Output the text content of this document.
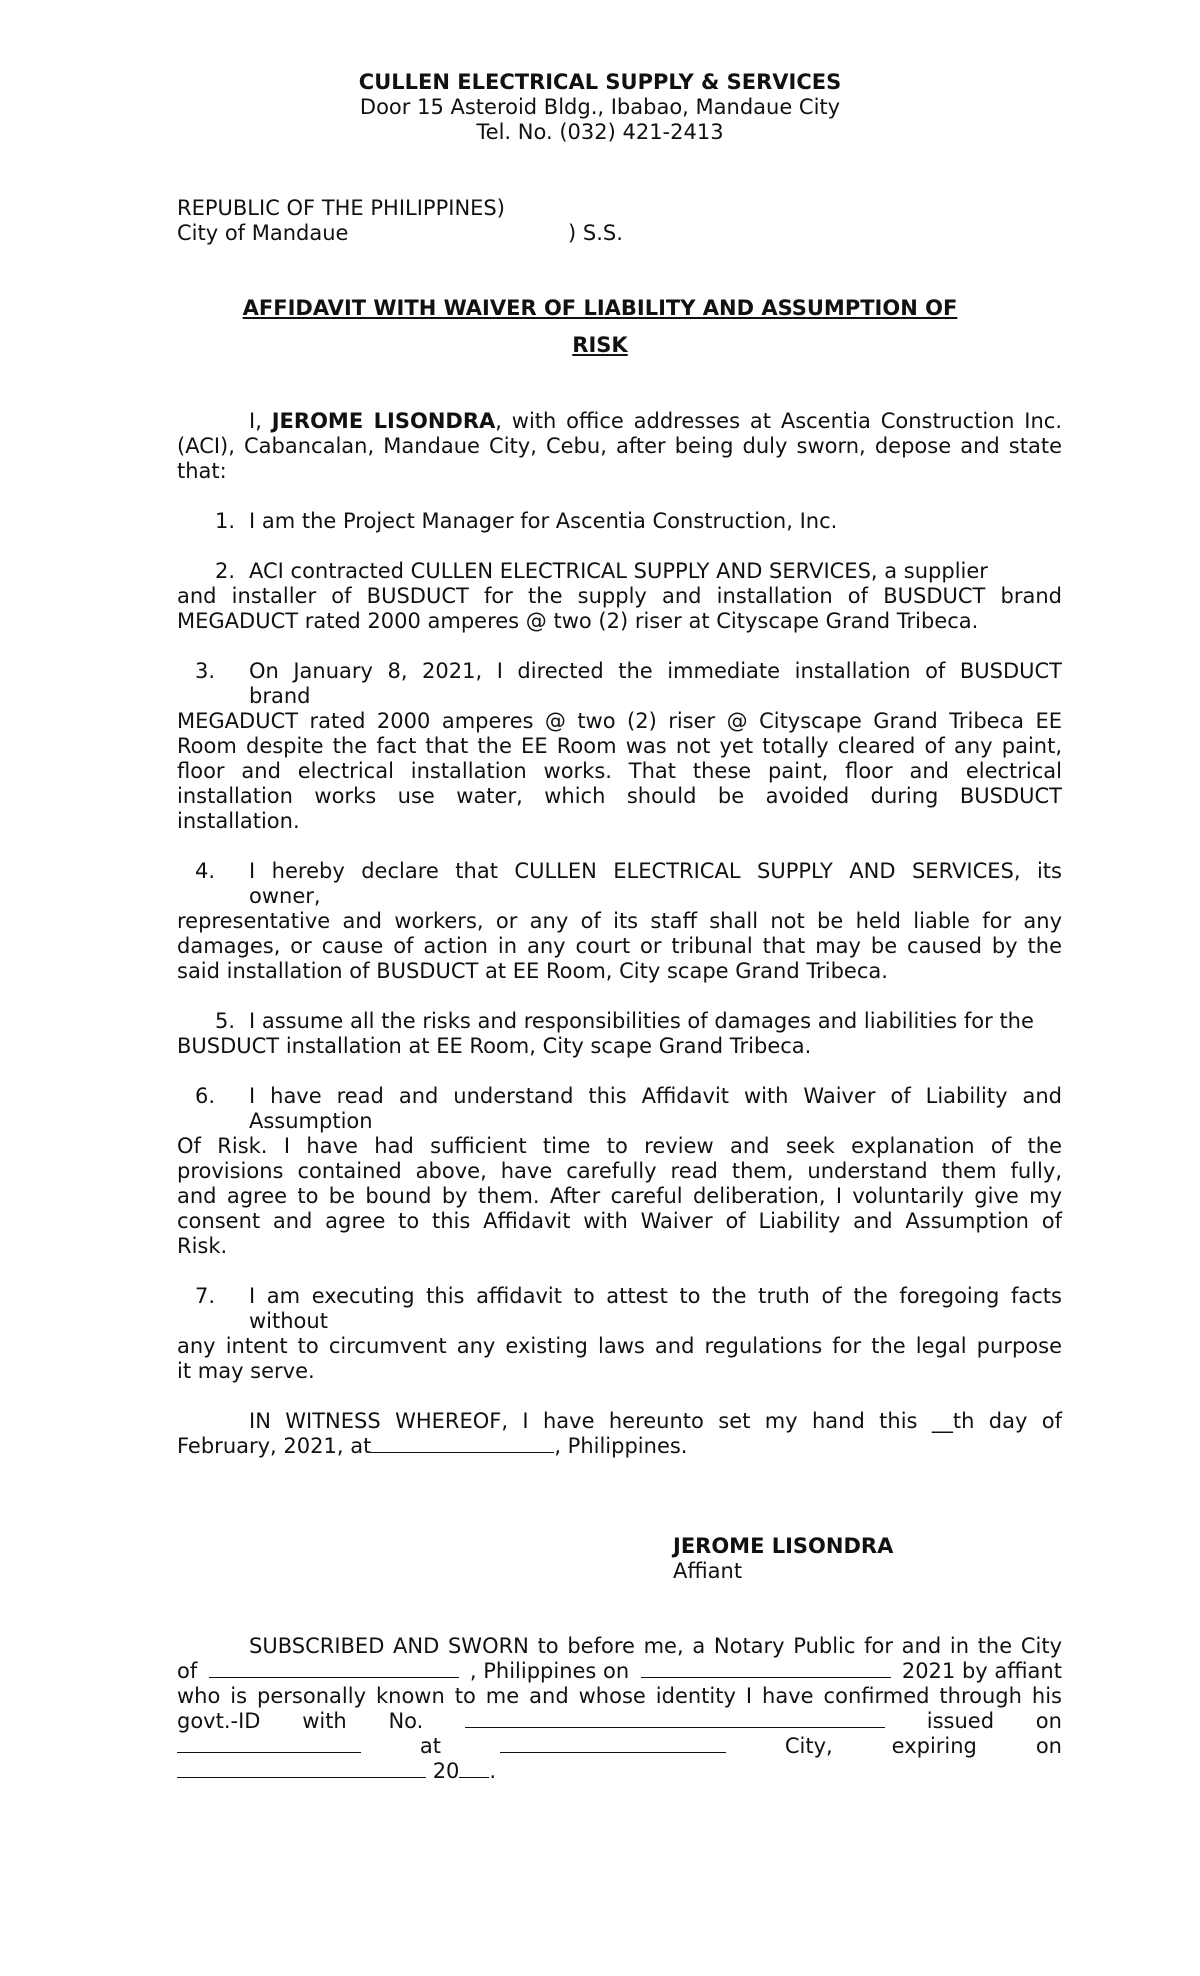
CULLEN ELECTRICAL SUPPLY & SERVICES
Door 15 Asteroid Bldg., Ibabao, Mandaue City
Tel. No. (032) 421-2413
REPUBLIC OF THE PHILIPPINES)
City of Mandaue	) S.S.
AFFIDAVIT WITH WAIVER OF LIABILITY AND ASSUMPTION OF
RISK
I, JEROME LISONDRA, with office addresses at Ascentia Construction Inc.
(ACI), Cabancalan, Mandaue City, Cebu, after being duly sworn, depose and state
that:
1. I am the Project Manager for Ascentia Construction, Inc.
2. ACI contracted CULLEN ELECTRICAL SUPPLY AND SERVICES, a supplier
and installer of BUSDUCT for the supply and installation of BUSDUCT brand
MEGADUCT rated 2000 amperes @ two (2) riser at Cityscape Grand Tribeca.
3. On January 8, 2021, I directed the immediate installation of BUSDUCT
brand
MEGADUCT rated 2000 amperes @ two (2) riser @ Cityscape Grand Tribeca EE
Room despite the fact that the EE Room was not yet totally cleared of any paint,
floor and electrical installation works. That these paint, floor and electrical
installation works use water, which should be avoided during BUSDUCT
installation.
4. I hereby declare that CULLEN ELECTRICAL SUPPLY AND SERVICES, its
owner,
representative and workers, or any of its staff shall not be held liable for any
damages, or cause of action in any court or tribunal that may be caused by the
said installation of BUSDUCT at EE Room, City scape Grand Tribeca.
5. I assume all the risks and responsibilities of damages and liabilities for the
BUSDUCT installation at EE Room, City scape Grand Tribeca.
6. I have read and understand this Affidavit with Waiver of Liability and
Assumption
Of Risk. I have had sufficient time to review and seek explanation of the
provisions contained above, have carefully read them, understand them fully,
and agree to be bound by them. After careful deliberation, I voluntarily give my
consent and agree to this Affidavit with Waiver of Liability and Assumption of
Risk.
7. I am executing this affidavit to attest to the truth of the foregoing facts
without
any intent to circumvent any existing laws and regulations for the legal purpose
it may serve.
IN WITNESS WHEREOF, I have hereunto set my hand this __th day of
February, 2021, at	, Philippines.
JEROME LISONDRA
Affiant
SUBSCRIBED AND SWORN to before me, a Notary Public for and in the City
of	, Philippines on	2021 by affiant
who is personally known to me and whose identity I have confirmed through his
govt.-ID with No.	issued on
at	City,	expiring	on
20 .
